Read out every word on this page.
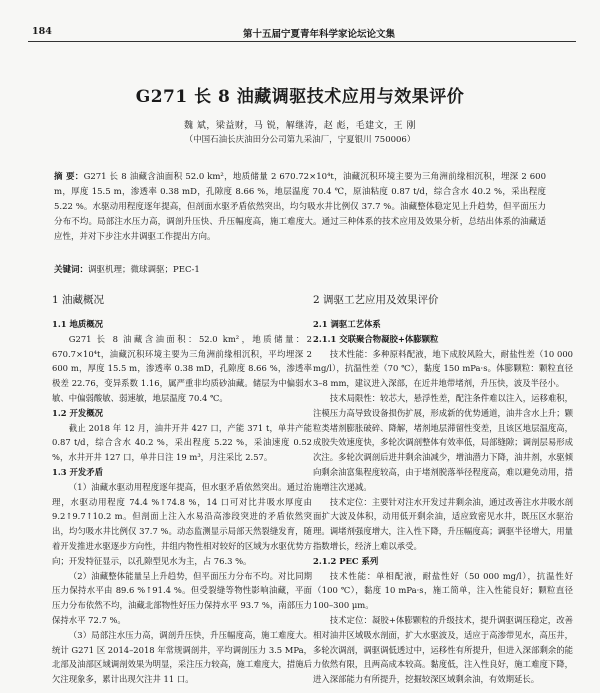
184	第十五届宁夏青年科学家论坛论文集
G271 长 8 油藏调驱技术应用与效果评价
魏 斌，梁益财，马 锐，解继涛，赵 彪，毛建文，王 刚
（中国石油长庆油田分公司第九采油厂，宁夏银川 750006）
摘 要：G271 长 8 油藏含油面积 52.0 km²，地质储量 2 670.72×10⁴t，油藏沉积环境主要为三角洲前缘相沉积，埋深 2 600 m，厚度 15.5 m，渗透率 0.38 mD，孔隙度 8.66 %，地层温度 70.4 ℃，原油粘度 0.87 t/d，综合含水 40.2 %，采出程度 5.22 %。水驱动用程度逐年提高，但剖面水驱矛盾依然突出，均匀吸水井比例仅 37.7 %。油藏整体稳定见上升趋势，但平面压力分布不均。局部注水压力高，调剖升压快、升压幅度高，施工难度大。通过三种体系的技术应用及效果分析，总结出体系的油藏适应性，并对下步注水井调驱工作提出方向。
关键词：调驱机理；微球调驱；PEC-1
1 油藏概况

1.1 地质概况

G271 长 8 油藏含油面积：52.0 km²，地质储量：2 670.7×10⁴t，油藏沉积环境主要为三角洲前缘相沉积，平均埋深 2 600 m，厚度 15.5 m，渗透率 0.38 mD，孔隙度 8.66 %，渗透率极差 22.76，变异系数 1.16，属严重非均质砂油藏。储层为中偏弱水敏、中偏弱酸敏、弱速敏，地层温度 70.4 ℃。

1.2 开发概况

截止 2018 年 12 月，油井开井 427 口，产能 371 t，单井产能 0.87 t/d，综合含水 40.2 %，采出程度 5.22 %，采油速度 0.52 %，水井开井 127 口，单井日注 19 m³，月注采比 2.57。

1.3 开发矛盾

（1）油藏水驱动用程度逐年提高，但水驱矛盾依然突出。通过治理，水驱动用程度 74.4 %↑74.8 %，14 口可对比井吸水厚度由 9.2↑9.7↑10.2 m。但剖面上注入水易沿高渗段突进的矛盾依然突出，均匀吸水井比例仅 37.7 %。动态监测显示局部天然裂缝发育，随着开发推进水驱逐步方向性，井组内物性相对较好的区域为水驱优势方向；开发特征显示，以孔隙型见水为主，占 76.3 %。

（2）油藏整体能量呈上升趋势，但平面压力分布不均。对比同期压力保持水平由 89.6 %↑91.4 %。但受裂缝等物性影响油藏，平面压力分布依然不均，油藏北部物性好压力保持水平 93.7 %，南部压力保持水平 72.7 %。

（3）局部注水压力高，调剖升压快，升压幅度高，施工难度大。统计 G271 区 2014–2018 年常规调剖井，平均调剖压力 3.5 MPa，北部及油部区域调剖效果为明显，采注压力较高，施工难度大，措施后欠注现象多，累计出现欠注井 11 口。

2 调驱工艺应用及效果评价

2.1 调驱工艺体系

2.1.1 交联聚合物凝胶+体膨颗粒

技术性能：多种原料配液，地下成胶风险大，耐盐性差（10 000 mg/l），抗温性差（70 ℃），黏度 150 mPa·s。体膨颗粒：颗粒直径 3–8 mm，建议进入深部，在近井地带堵剂，升压快，波及半径小。

技术局限性：较芯大，悬浮性差，配注条件难以注入，运移难积，注模压力高导致设备损伤扩展，形成新的优势通道，油井含水上升；颗粒类堵剂膨胀破碎、降解，堵剂地层滞留性变差，且该区地层温度高，成胶失效速度快，多轮次调剖整体有效率低，局部缝隙；调剖层易形成次注。多轮次调剖后进井剩余油减少，增油潜力下降，油井剂，水驱倾向剩余油富集程度较高，由于堵剂脱落举径程度高，难以避免动用，措施增注次递减。

技术定位：主要针对注水开发过井剩余油，通过改善注水井吸水剖面扩大波及体积，动用低开剩余油，适应致密见水井，既压区水驱治理。调堵剂强度增大，注入性下降，升压幅度高；调驱半径增大，用量指数增长，经济上难以承受。

2.1.2 PEC 系列

技术性能：单相配液，耐盐性好（50 000 mg/l），抗温性好（100 ℃），黏度 10 mPa·s，施工简单，注入性能良好；颗粒直径 100–300 μm。

技术定位：凝胶+体膨颗粒的升级技术，提升调驱调压稳定，改善相对油井区域吸水剖面，扩大水驱波及，适应于高渗带见水，高压井，多轮次调剖，调驱调低透过中，运移性有所提升，但进入深部剩余的能力依然有限，且两高成本较高。黏度低，注入性良好，施工难度下降，进入深部能力有所提升，挖掘较深区域剩余油，有效期延长。
